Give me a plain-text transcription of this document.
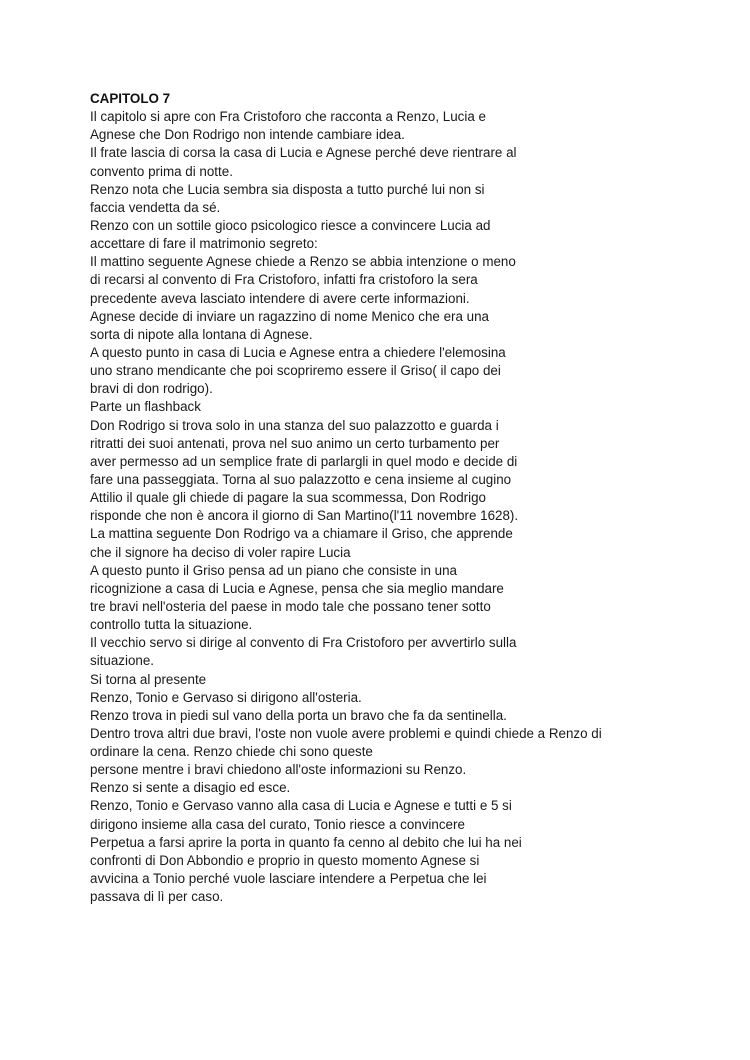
CAPITOLO 7
Il capitolo si apre con Fra Cristoforo che racconta a Renzo, Lucia e
Agnese che Don Rodrigo non intende cambiare idea.
Il frate lascia di corsa la casa di Lucia e Agnese perché deve rientrare al
convento prima di notte.
Renzo nota che Lucia sembra sia disposta a tutto purché lui non si
faccia vendetta da sé.
Renzo con un sottile gioco psicologico riesce a convincere Lucia ad
accettare di fare il matrimonio segreto:
Il mattino seguente Agnese chiede a Renzo se abbia intenzione o meno
di recarsi al convento di Fra Cristoforo, infatti fra cristoforo la sera
precedente aveva lasciato intendere di avere certe informazioni.
Agnese decide di inviare un ragazzino di nome Menico che era una
sorta di nipote alla lontana di Agnese.
A questo punto in casa di Lucia e Agnese entra a chiedere l'elemosina
uno strano mendicante che poi scopriremo essere il Griso( il capo dei
bravi di don rodrigo).
Parte un flashback
Don Rodrigo si trova solo in una stanza del suo palazzotto e guarda i
ritratti dei suoi antenati, prova nel suo animo un certo turbamento per
aver permesso ad un semplice frate di parlargli in quel modo e decide di
fare una passeggiata. Torna al suo palazzotto e cena insieme al cugino
Attilio il quale gli chiede di pagare la sua scommessa, Don Rodrigo
risponde che non è ancora il giorno di San Martino(l'11 novembre 1628).
La mattina seguente Don Rodrigo va a chiamare il Griso, che apprende
che il signore ha deciso di voler rapire Lucia
A questo punto il Griso pensa ad un piano che consiste in una
ricognizione a casa di Lucia e Agnese, pensa che sia meglio mandare
tre bravi nell'osteria del paese in modo tale che possano tener sotto
controllo tutta la situazione.
Il vecchio servo si dirige al convento di Fra Cristoforo per avvertirlo sulla
situazione.
Si torna al presente
Renzo, Tonio e Gervaso si dirigono all'osteria.
Renzo trova in piedi sul vano della porta un bravo che fa da sentinella.
Dentro trova altri due bravi, l'oste non vuole avere problemi e quindi chiede a Renzo di
ordinare la cena. Renzo chiede chi sono queste
persone mentre i bravi chiedono all'oste informazioni su Renzo.
Renzo si sente a disagio ed esce.
Renzo, Tonio e Gervaso vanno alla casa di Lucia e Agnese e tutti e 5 si
dirigono insieme alla casa del curato, Tonio riesce a convincere
Perpetua a farsi aprire la porta in quanto fa cenno al debito che lui ha nei
confronti di Don Abbondio e proprio in questo momento Agnese si
avvicina a Tonio perché vuole lasciare intendere a Perpetua che lei
passava di lì per caso.
